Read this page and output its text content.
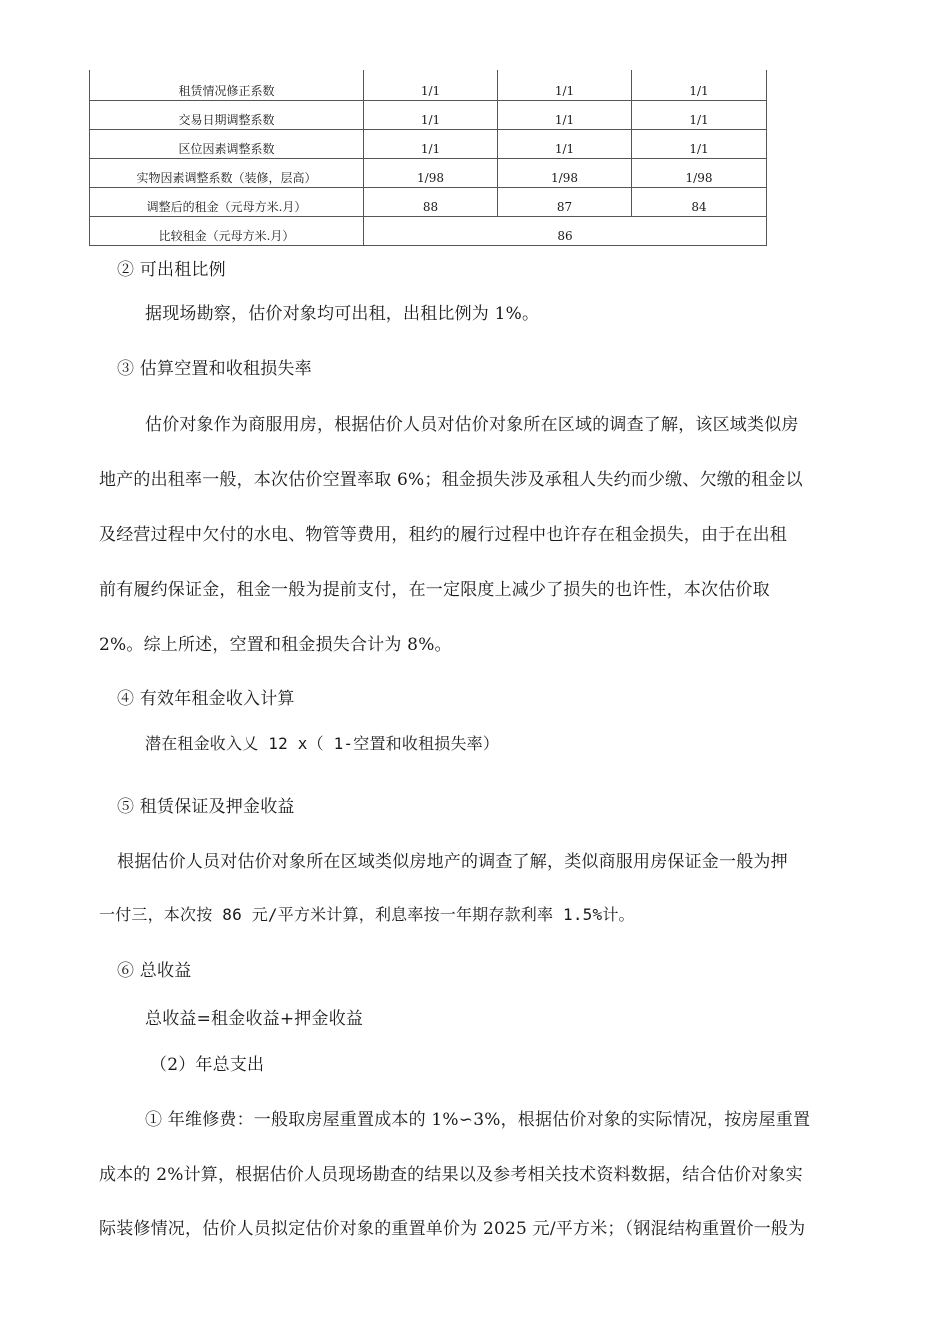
租赁情况修正系数	1/1	1/1	1/1
交易日期调整系数	1/1	1/1	1/1
区位因素调整系数	1/1	1/1	1/1
实物因素调整系数（装修，层高）	1/98	1/98	1/98
调整后的租金（元母方米.月）	88	87	84
比较租金（元母方米.月）	86		
② 可出租比例
据现场勘察，估价对象均可出租，出租比例为 1%。
③ 估算空置和收租损失率
估价对象作为商服用房，根据估价人员对估价对象所在区域的调查了解，该区域类似房
地产的出租率一般，本次估价空置率取 6%；租金损失涉及承租人失约而少缴、欠缴的租金以
及经营过程中欠付的水电、物管等费用，租约的履行过程中也许存在租金损失，由于在出租
前有履约保证金，租金一般为提前支付，在一定限度上减少了损失的也许性，本次估价取
2%。综上所述，空置和租金损失合计为 8%。
④ 有效年租金收入计算
潜在租金收入乂 12 x（ 1-空置和收租损失率）
⑤ 租赁保证及押金收益
根据估价人员对估价对象所在区域类似房地产的调查了解，类似商服用房保证金一般为押
一付三，本次按 86 元/平方米计算，利息率按一年期存款利率 1.5%计。
⑥ 总收益
总收益=租金收益+押金收益
（2）年总支出
① 年维修费：一般取房屋重置成本的 1%∽3%，根据估价对象的实际情况，按房屋重置
成本的 2%计算，根据估价人员现场勘查的结果以及参考相关技术资料数据，结合估价对象实
际装修情况，估价人员拟定估价对象的重置单价为 2025 元/平方米；（钢混结构重置价一般为
